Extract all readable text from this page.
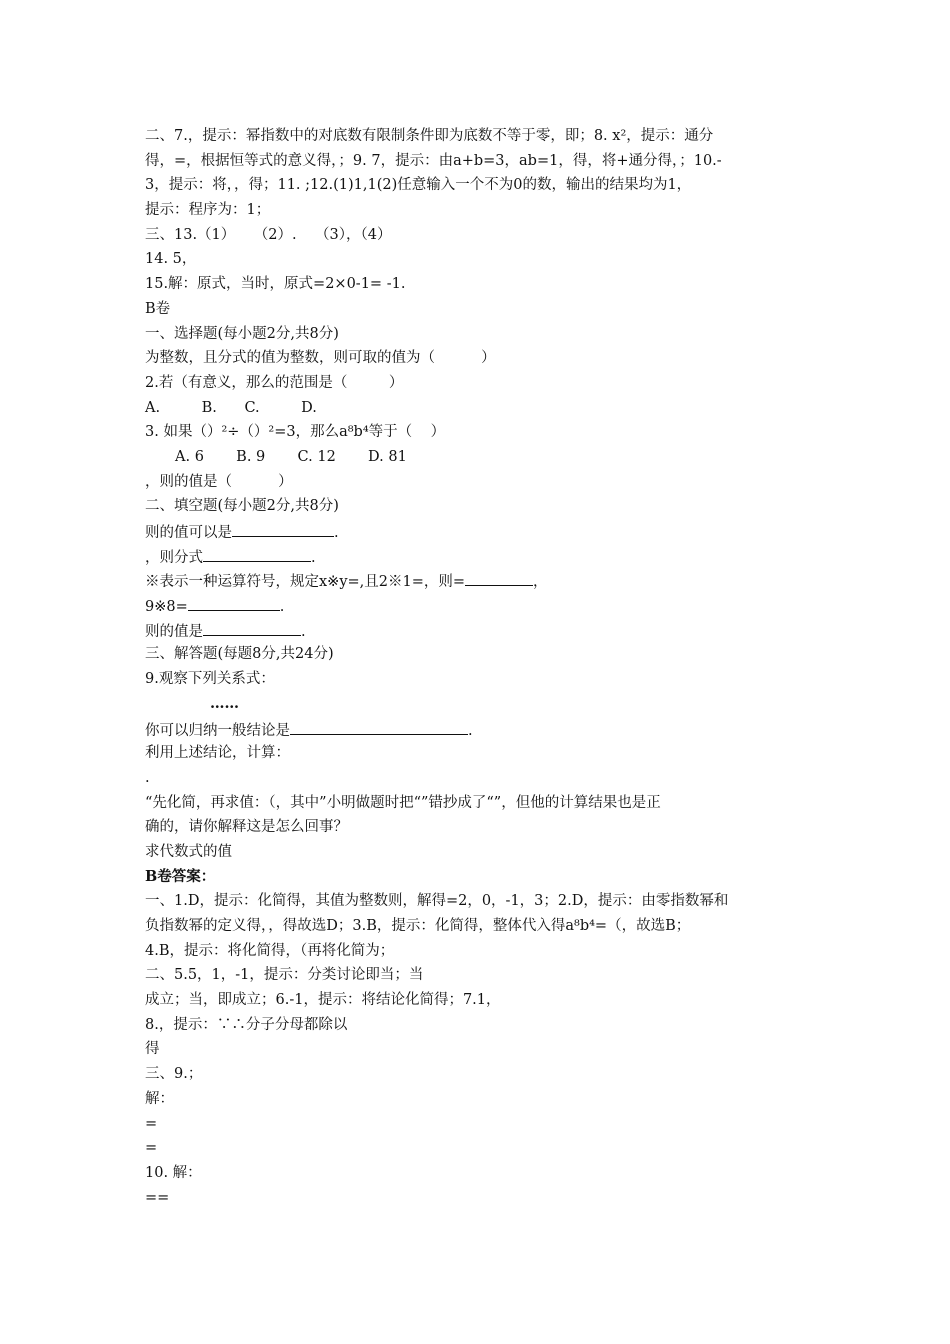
二、7.，提示：幂指数中的对底数有限制条件即为底数不等于零，即；8. x²，提示：通分
得，=，根据恒等式的意义得，；9. 7，提示：由a+b=3，ab=1，得，将+通分得，；10.-
3，提示：将，，得；11. ;12.(1)1,1(2)任意输入一个不为0的数，输出的结果均为1，
提示：程序为：1；
三、13.（1）    （2）.    （3），（4）
14. 5，
15.解：原式，当时，原式=2×0-1= -1.
B卷
一、选择题(每小题2分,共8分)
为整数，且分式的值为整数，则可取的值为（          ）
2.若（有意义，那么的范围是（         ）
A.         B.      C.         D.
3. 如果（）²÷（）²=3，那么a⁸b⁴等于（    ）
A. 6       B. 9       C. 12       D. 81
，则的值是（          ）
二、填空题(每小题2分,共8分)
则的值可以是	.
，则分式	.
※表示一种运算符号，规定x※y=,且2※1=，则=	，
9※8=	.
则的值是	.
三、解答题(每题8分,共24分)
9.观察下列关系式：
……
你可以归纳一般结论是	.
利用上述结论，计算：
.
“先化简，再求值：（，其中”小明做题时把“”错抄成了“”，但他的计算结果也是正
确的，请你解释这是怎么回事？
求代数式的值
B卷答案：
一、1.D，提示：化简得，其值为整数则，解得=2，0，-1，3；2.D，提示：由零指数幂和
负指数幂的定义得，，得故选D；3.B，提示：化简得，整体代入得a⁸b⁴=（，故选B；
4.B，提示：将化简得，（再将化简为；
二、5.5，1，-1，提示：分类讨论即当；当
成立；当，即成立；6.-1，提示：将结论化简得；7.1，
8.，提示：∵∴分子分母都除以
得
三、9.；
解：
=
=
10. 解：
==
